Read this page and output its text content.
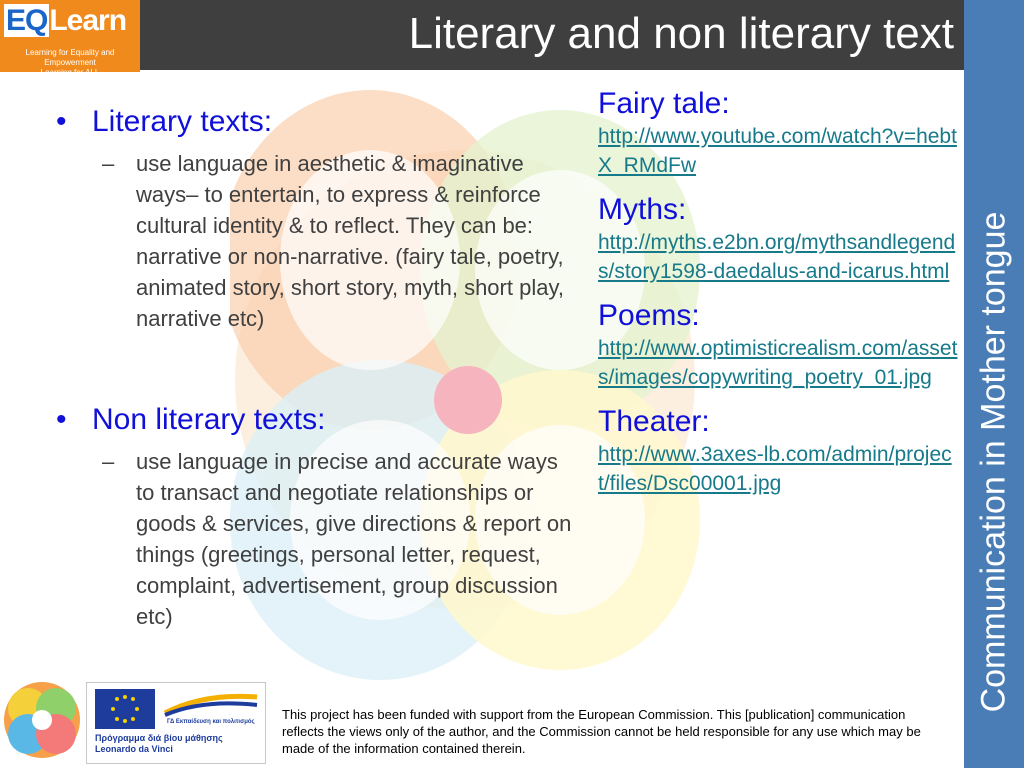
Literary and non literary text
EQLearn
Learning for Equality and Empowerment
Learning for ALL
Communication in Mother tongue
• Literary texts:
– use language in aesthetic & imaginative ways– to entertain, to express & reinforce cultural identity & to reflect. They can be: narrative or non-narrative. (fairy tale, poetry, animated story, short story, myth, short play, narrative etc)
• Non literary texts:
– use language in precise and accurate ways to transact and negotiate relationships or goods & services, give directions & report on things (greetings, personal letter, request, complaint, advertisement, group discussion etc)
Fairy tale:
http://www.youtube.com/watch?v=hebtX_RMdFw
Myths:
http://myths.e2bn.org/mythsandlegends/story1598-daedalus-and-icarus.html
Poems:
http://www.optimisticrealism.com/assets/images/copywriting_poetry_01.jpg
Theater:
http://www.3axes-lb.com/admin/project/files/Dsc00001.jpg
ΓΔ Εκπαίδευση και πολιτισμός
Πρόγραμμα διά βίου μάθησης
Leonardo da Vinci
This project has been funded with support from the European Commission. This [publication] communication reflects the views only of the author, and the Commission cannot be held responsible for any use which may be made of the information contained therein.
